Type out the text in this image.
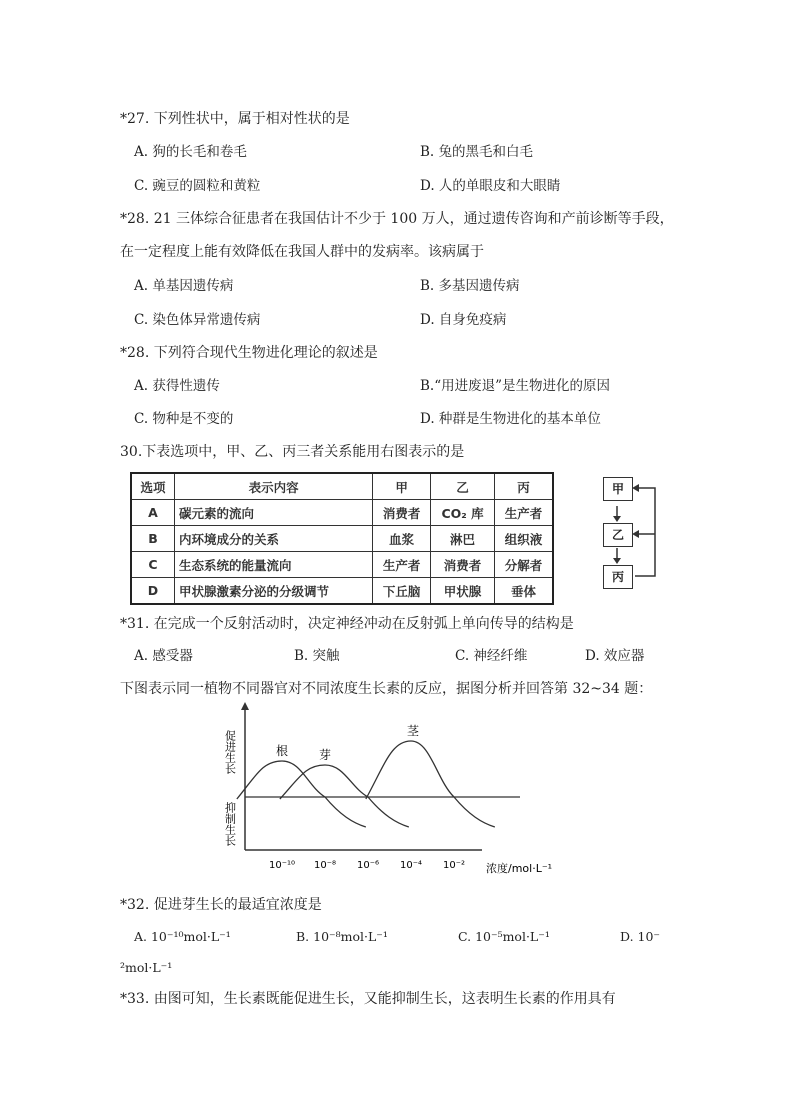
*27. 下列性状中，属于相对性状的是
A. 狗的长毛和卷毛	B. 兔的黑毛和白毛
C. 豌豆的圆粒和黄粒	D. 人的单眼皮和大眼睛
*28. 21 三体综合征患者在我国估计不少于 100 万人，通过遗传咨询和产前诊断等手段，
在一定程度上能有效降低在我国人群中的发病率。该病属于
A. 单基因遗传病	B. 多基因遗传病
C. 染色体异常遗传病	D. 自身免疫病
*28. 下列符合现代生物进化理论的叙述是
A. 获得性遗传	B.“用进废退”是生物进化的原因
C. 物种是不变的	D. 种群是生物进化的基本单位
30.下表选项中，甲、乙、丙三者关系能用右图表示的是
选项	表示内容	甲	乙	丙
A	碳元素的流向	消费者	CO₂ 库	生产者
B	内环境成分的关系	血浆	淋巴	组织液
C	生态系统的能量流向	生产者	消费者	分解者
D	甲状腺激素分泌的分级调节	下丘脑	甲状腺	垂体
甲
乙
丙
*31. 在完成一个反射活动时，决定神经冲动在反射弧上单向传导的结构是
A. 感受器	B. 突触	C. 神经纤维	D. 效应器
下图表示同一植物不同器官对不同浓度生长素的反应，据图分析并回答第 32~34 题：
促进生长
抑制生长
10⁻¹⁰ 10⁻⁸ 10⁻⁶ 10⁻⁴ 10⁻²
根	芽
茎
浓度/mol·L⁻¹
*32. 促进芽生长的最适宜浓度是
A. 10⁻¹⁰mol·L⁻¹	B. 10⁻⁸mol·L⁻¹	C. 10⁻⁵mol·L⁻¹	D. 10⁻
²mol·L⁻¹
*33. 由图可知，生长素既能促进生长，又能抑制生长，这表明生长素的作用具有
